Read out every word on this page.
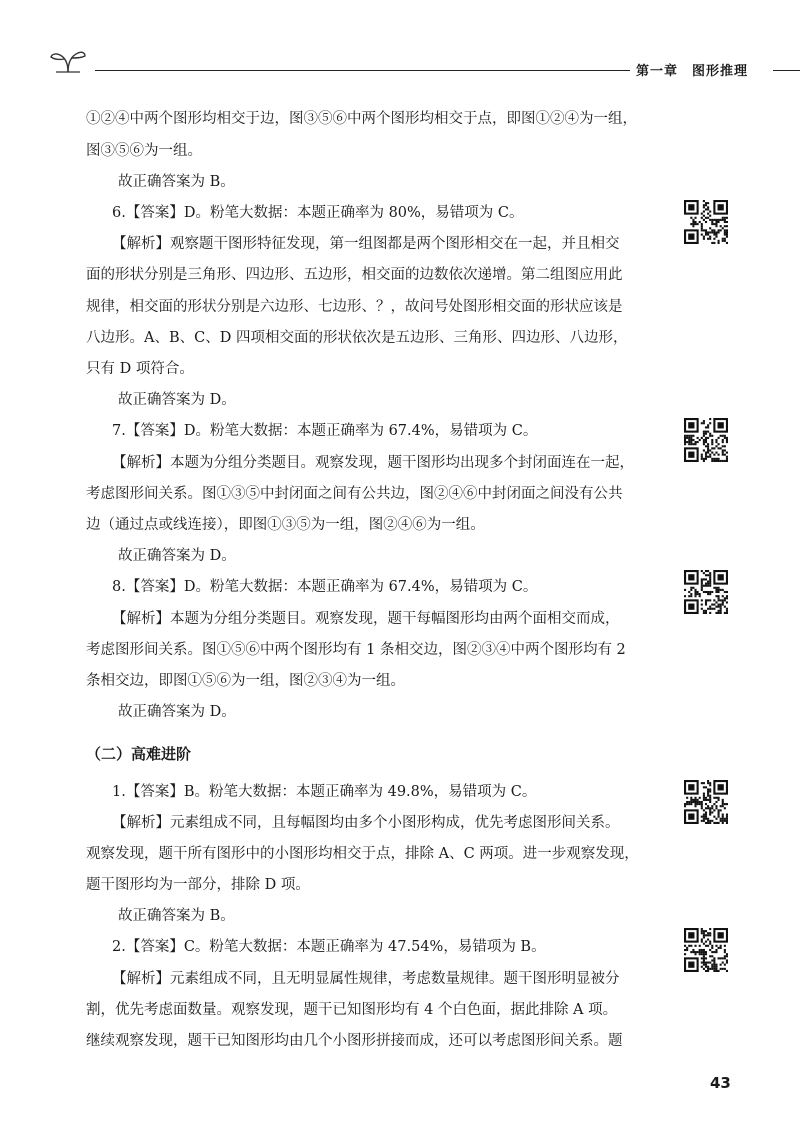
第一章 图形推理
①②④中两个图形均相交于边，图③⑤⑥中两个图形均相交于点，即图①②④为一组，
图③⑤⑥为一组。
故正确答案为 B。
6.【答案】D。粉笔大数据：本题正确率为 80%，易错项为 C。
【解析】观察题干图形特征发现，第一组图都是两个图形相交在一起，并且相交
面的形状分别是三角形、四边形、五边形，相交面的边数依次递增。第二组图应用此
规律，相交面的形状分别是六边形、七边形、？，故问号处图形相交面的形状应该是
八边形。A、B、C、D 四项相交面的形状依次是五边形、三角形、四边形、八边形，
只有 D 项符合。
故正确答案为 D。
7.【答案】D。粉笔大数据：本题正确率为 67.4%，易错项为 C。
【解析】本题为分组分类题目。观察发现，题干图形均出现多个封闭面连在一起，
考虑图形间关系。图①③⑤中封闭面之间有公共边，图②④⑥中封闭面之间没有公共
边（通过点或线连接），即图①③⑤为一组，图②④⑥为一组。
故正确答案为 D。
8.【答案】D。粉笔大数据：本题正确率为 67.4%，易错项为 C。
【解析】本题为分组分类题目。观察发现，题干每幅图形均由两个面相交而成，
考虑图形间关系。图①⑤⑥中两个图形均有 1 条相交边，图②③④中两个图形均有 2
条相交边，即图①⑤⑥为一组，图②③④为一组。
故正确答案为 D。
（二）高难进阶
1.【答案】B。粉笔大数据：本题正确率为 49.8%，易错项为 C。
【解析】元素组成不同，且每幅图均由多个小图形构成，优先考虑图形间关系。
观察发现，题干所有图形中的小图形均相交于点，排除 A、C 两项。进一步观察发现，
题干图形均为一部分，排除 D 项。
故正确答案为 B。
2.【答案】C。粉笔大数据：本题正确率为 47.54%，易错项为 B。
【解析】元素组成不同，且无明显属性规律，考虑数量规律。题干图形明显被分
割，优先考虑面数量。观察发现，题干已知图形均有 4 个白色面，据此排除 A 项。
继续观察发现，题干已知图形均由几个小图形拼接而成，还可以考虑图形间关系。题
43
